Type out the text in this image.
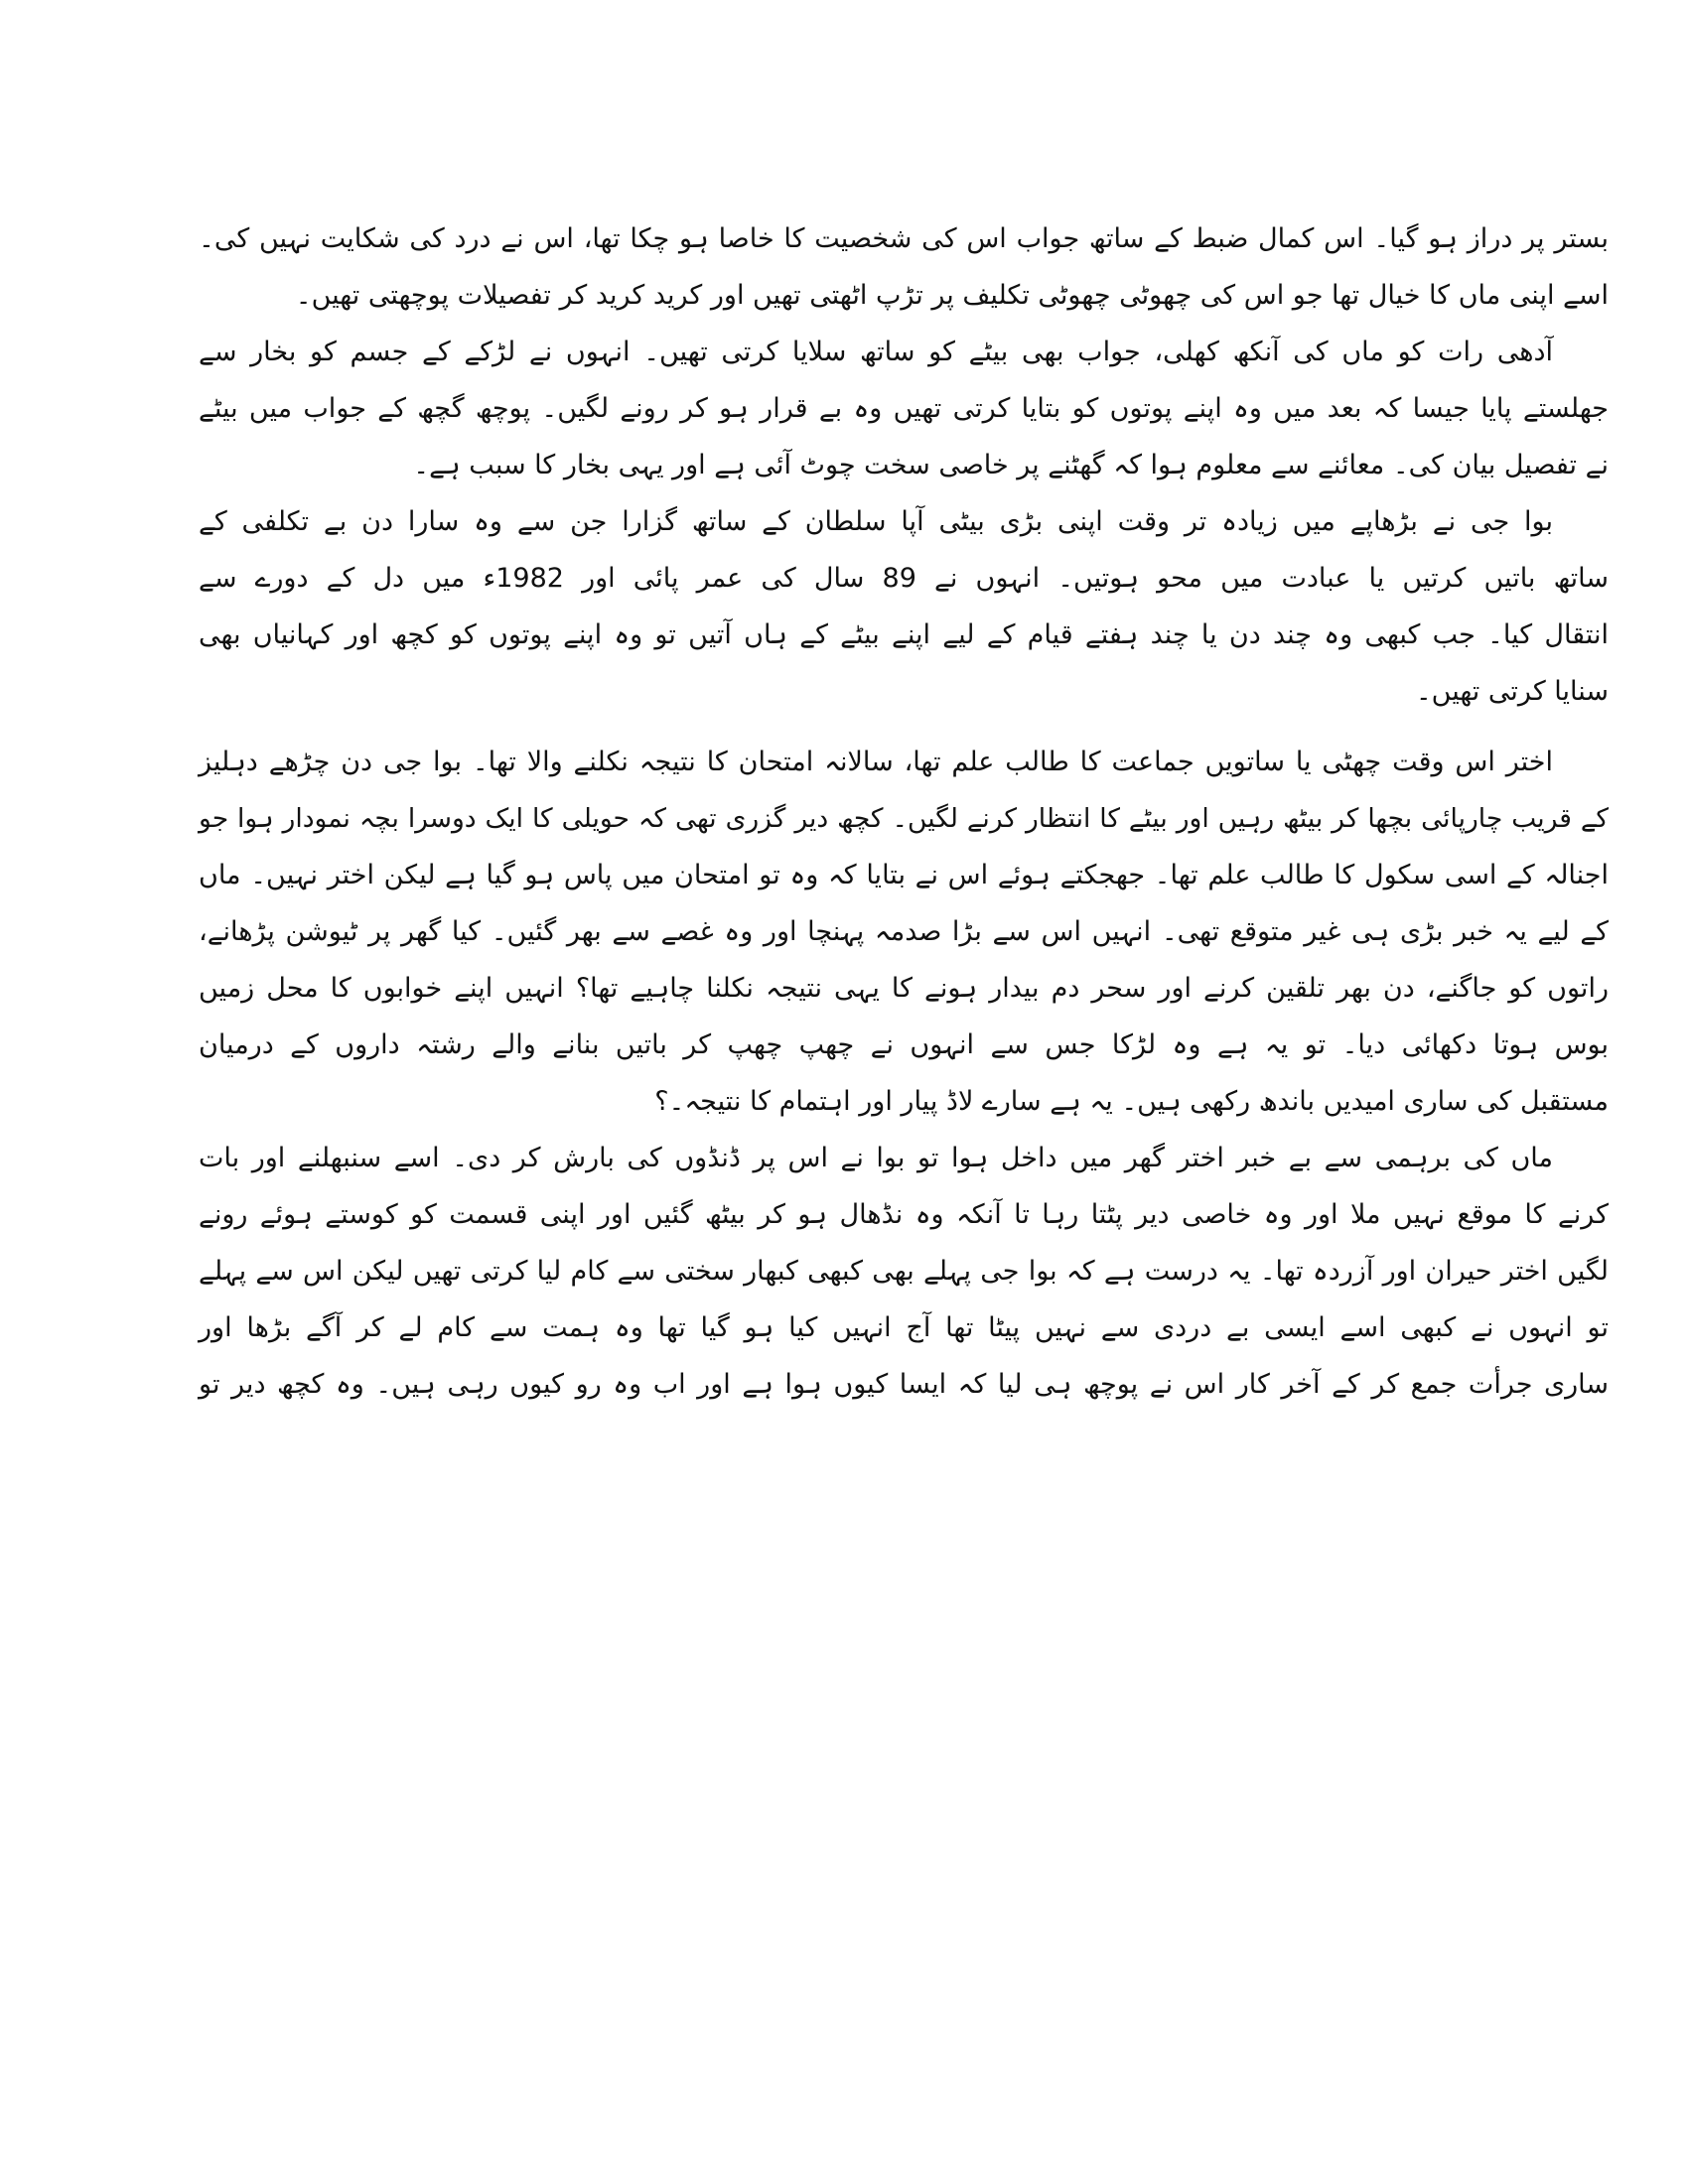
بستر پر دراز ہو گیا۔ اس کمال ضبط کے ساتھ جواب اس کی شخصیت کا خاصا ہو چکا تھا، اس نے درد کی شکایت نہیں کی۔
اسے اپنی ماں کا خیال تھا جو اس کی چھوٹی چھوٹی تکلیف پر تڑپ اٹھتی تھیں اور کرید کرید کر تفصیلات پوچھتی تھیں۔
آدھی رات کو ماں کی آنکھ کھلی، جواب بھی بیٹے کو ساتھ سلایا کرتی تھیں۔ انہوں نے لڑکے کے جسم کو بخار سے
جھلستے پایا جیسا کہ بعد میں وہ اپنے پوتوں کو بتایا کرتی تھیں وہ بے قرار ہو کر رونے لگیں۔ پوچھ گچھ کے جواب میں بیٹے
نے تفصیل بیان کی۔ معائنے سے معلوم ہوا کہ گھٹنے پر خاصی سخت چوٹ آئی ہے اور یہی بخار کا سبب ہے۔
بوا جی نے بڑھاپے میں زیادہ تر وقت اپنی بڑی بیٹی آپا سلطان کے ساتھ گزارا جن سے وہ سارا دن بے تکلفی کے
ساتھ باتیں کرتیں یا عبادت میں محو ہوتیں۔ انہوں نے 89 سال کی عمر پائی اور 1982ء میں دل کے دورے سے
انتقال کیا۔ جب کبھی وہ چند دن یا چند ہفتے قیام کے لیے اپنے بیٹے کے ہاں آتیں تو وہ اپنے پوتوں کو کچھ اور کہانیاں بھی
سنایا کرتی تھیں۔
اختر اس وقت چھٹی یا ساتویں جماعت کا طالب علم تھا، سالانہ امتحان کا نتیجہ نکلنے والا تھا۔ بوا جی دن چڑھے دہلیز
کے قریب چارپائی بچھا کر بیٹھ رہیں اور بیٹے کا انتظار کرنے لگیں۔ کچھ دیر گزری تھی کہ حویلی کا ایک دوسرا بچہ نمودار ہوا جو
اجنالہ کے اسی سکول کا طالب علم تھا۔ جھجکتے ہوئے اس نے بتایا کہ وہ تو امتحان میں پاس ہو گیا ہے لیکن اختر نہیں۔ ماں
کے لیے یہ خبر بڑی ہی غیر متوقع تھی۔ انہیں اس سے بڑا صدمہ پہنچا اور وہ غصے سے بھر گئیں۔ کیا گھر پر ٹیوشن پڑھانے،
راتوں کو جاگنے، دن بھر تلقین کرنے اور سحر دم بیدار ہونے کا یہی نتیجہ نکلنا چاہیے تھا؟ انہیں اپنے خوابوں کا محل زمیں
بوس ہوتا دکھائی دیا۔ تو یہ ہے وہ لڑکا جس سے انہوں نے چھپ چھپ کر باتیں بنانے والے رشتہ داروں کے درمیان
مستقبل کی ساری امیدیں باندھ رکھی ہیں۔ یہ ہے سارے لاڈ پیار اور اہتمام کا نتیجہ۔؟
ماں کی برہمی سے بے خبر اختر گھر میں داخل ہوا تو بوا نے اس پر ڈنڈوں کی بارش کر دی۔ اسے سنبھلنے اور بات
کرنے کا موقع نہیں ملا اور وہ خاصی دیر پٹتا رہا تا آنکہ وہ نڈھال ہو کر بیٹھ گئیں اور اپنی قسمت کو کوستے ہوئے رونے
لگیں اختر حیران اور آزردہ تھا۔ یہ درست ہے کہ بوا جی پہلے بھی کبھی کبھار سختی سے کام لیا کرتی تھیں لیکن اس سے پہلے
تو انہوں نے کبھی اسے ایسی بے دردی سے نہیں پیٹا تھا آج انہیں کیا ہو گیا تھا وہ ہمت سے کام لے کر آگے بڑھا اور
ساری جرأت جمع کر کے آخر کار اس نے پوچھ ہی لیا کہ ایسا کیوں ہوا ہے اور اب وہ رو کیوں رہی ہیں۔ وہ کچھ دیر تو
